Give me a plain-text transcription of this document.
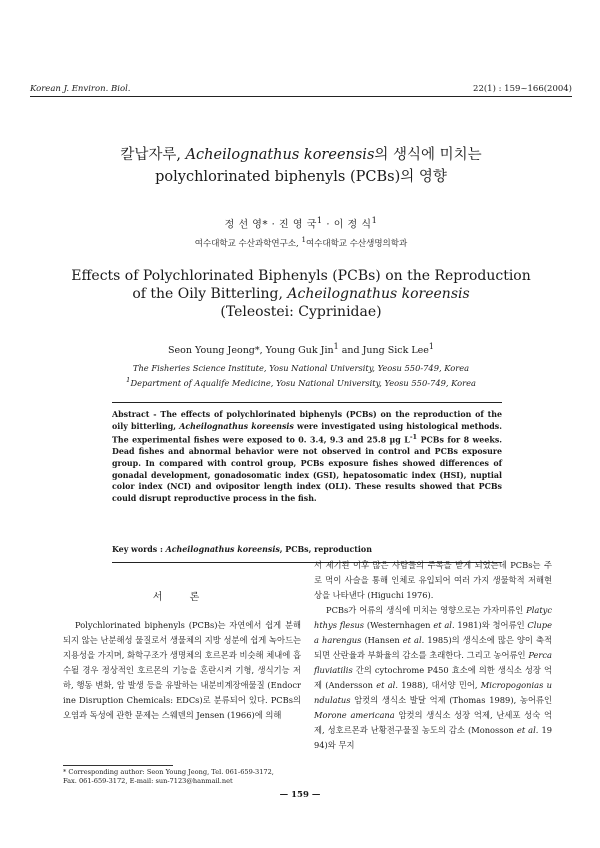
Korean J. Environ. Biol.	22(1) : 159~166(2004)
칼납자루, Acheilognathus koreensis의 생식에 미치는
polychlorinated biphenyls (PCBs)의 영향
정 선 영* · 진 영 국$^1$ · 이 정 식$^1$
여수대학교 수산과학연구소, $^1$여수대학교 수산생명의학과
Effects of Polychlorinated Biphenyls (PCBs) on the Reproduction
of the Oily Bitterling, Acheilognathus koreensis
(Teleostei: Cyprinidae)
Seon Young Jeong*, Young Guk Jin$^1$ and Jung Sick Lee$^1$
The Fisheries Science Institute, Yosu National University, Yeosu 550-749, Korea
$^1$Department of Aqualife Medicine, Yosu National University, Yeosu 550-749, Korea
Abstract - The effects of polychlorinated biphenyls (PCBs) on the reproduction of the oily bitterling, Acheilognathus koreensis were investigated using histological methods. The experimental fishes were exposed to 0. 3.4, 9.3 and 25.8 µg $L^{-1}$ PCBs for 8 weeks. Dead fishes and abnormal behavior were not observed in control and PCBs exposure group. In compared with control group, PCBs exposure fishes showed differences of gonadal development, gonadosomatic index (GSI), hepatosomatic index (HSI), nuptial color index (NCI) and ovipositor length index (OLI). These results showed that PCBs could disrupt reproductive process in the fish.
Key words : Acheilognathus koreensis, PCBs, reproduction
서 론

Polychlorinated biphenyls (PCBs)는 자연에서 쉽게 분해되지 않는 난분해성 물질로서 생물체의 지방 성분에 쉽게 녹아드는 지용성을 가지며, 화학구조가 생명체의 호르몬과 비슷해 체내에 흡수될 경우 정상적인 호르몬의 기능을 혼란시켜 기형, 생식기능 저하, 행동 변화, 암 발생 등을 유발하는 내분비계장애물질 (Endocrine Disruption Chemicals: EDCs)로 분류되어 있다. PCBs의 오염과 독성에 관한 문제는 스웨덴의 Jensen (1966)에 의해

서 제기된 이후 많은 사람들의 주목을 받게 되었는데 PCBs는 주로 먹이 사슬을 통해 인체로 유입되어 여러 가지 생물학적 저해현상을 나타낸다 (Higuchi 1976).

PCBs가 어류의 생식에 미치는 영향으로는 가자미류인 Platychthys flesus (Westernhagen et al. 1981)와 청어류인 Clupea harengus (Hansen et al. 1985)의 생식소에 많은 양이 축적되면 산란율과 부화율의 감소를 초래한다. 그리고 농어류인 Perca fluviatilis 간의 cytochrome P450 효소에 의한 생식소 성장 억제 (Andersson et al. 1988), 대서양 민어, Micropogonias undulatus 암컷의 생식소 발달 억제 (Thomas 1989), 농어류인 Morone americana 암컷의 생식소 성장 억제, 난세포 성숙 억제, 성호르몬과 난황전구물질 농도의 감소 (Monosson et al. 1994)와 무지

* Corresponding author: Seon Young Jeong, Tel. 061-659-3172,
Fax. 061-659-3172, E-mail: sun-7123@hanmail.net
— 159 —
